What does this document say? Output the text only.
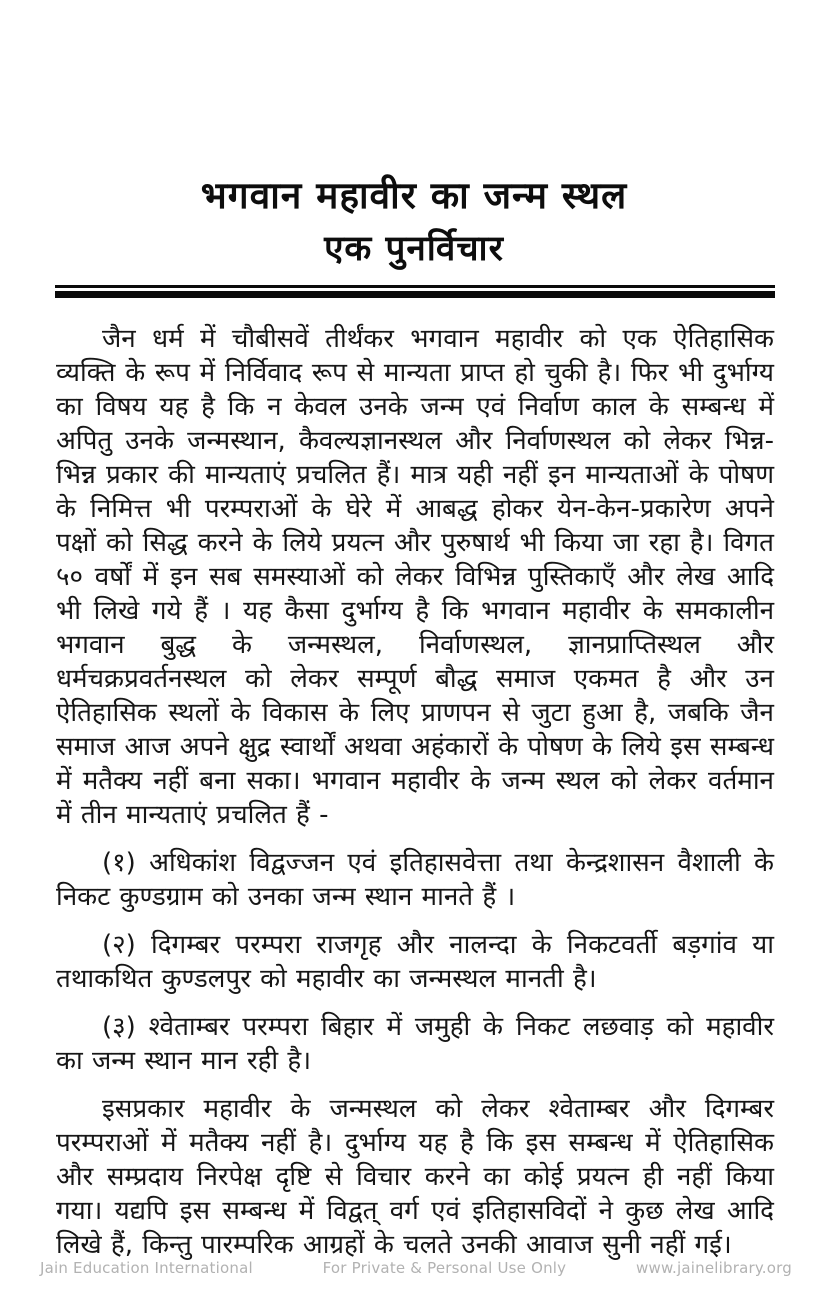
भगवान महावीर का जन्म स्थल
एक पुनर्विचार

जैन धर्म में चौबीसवें तीर्थंकर भगवान महावीर को एक ऐतिहासिक व्यक्ति के रूप में निर्विवाद रूप से मान्यता प्राप्त हो चुकी है। फिर भी दुर्भाग्य का विषय यह है कि न केवल उनके जन्म एवं निर्वाण काल के सम्बन्ध में अपितु उनके जन्मस्थान, कैवल्यज्ञानस्थल और निर्वाणस्थल को लेकर भिन्न-भिन्न प्रकार की मान्यताएं प्रचलित हैं। मात्र यही नहीं इन मान्यताओं के पोषण के निमित्त भी परम्पराओं के घेरे में आबद्ध होकर येन-केन-प्रकारेण अपने पक्षों को सिद्ध करने के लिये प्रयत्न और पुरुषार्थ भी किया जा रहा है। विगत ५० वर्षों में इन सब समस्याओं को लेकर विभिन्न पुस्तिकाएँ और लेख आदि भी लिखे गये हैं । यह कैसा दुर्भाग्य है कि भगवान महावीर के समकालीन भगवान बुद्ध के जन्मस्थल, निर्वाणस्थल, ज्ञानप्राप्तिस्थल और धर्मचक्रप्रवर्तनस्थल को लेकर सम्पूर्ण बौद्ध समाज एकमत है और उन ऐतिहासिक स्थलों के विकास के लिए प्राणपन से जुटा हुआ है, जबकि जैन समाज आज अपने क्षुद्र स्वार्थों अथवा अहंकारों के पोषण के लिये इस सम्बन्ध में मतैक्य नहीं बना सका। भगवान महावीर के जन्म स्थल को लेकर वर्तमान में तीन मान्यताएं प्रचलित हैं -

(१) अधिकांश विद्वज्जन एवं इतिहासवेत्ता तथा केन्द्रशासन वैशाली के निकट कुण्डग्राम को उनका जन्म स्थान मानते हैं ।

(२) दिगम्बर परम्परा राजगृह और नालन्दा के निकटवर्ती बड़गांव या तथाकथित कुण्डलपुर को महावीर का जन्मस्थल मानती है।

(३) श्वेताम्बर परम्परा बिहार में जमुही के निकट लछवाड़ को महावीर का जन्म स्थान मान रही है।

इसप्रकार महावीर के जन्मस्थल को लेकर श्वेताम्बर और दिगम्बर परम्पराओं में मतैक्य नहीं है। दुर्भाग्य यह है कि इस सम्बन्ध में ऐतिहासिक और सम्प्रदाय निरपेक्ष दृष्टि से विचार करने का कोई प्रयत्न ही नहीं किया गया। यद्यपि इस सम्बन्ध में विद्वत् वर्ग एवं इतिहासविदों ने कुछ लेख आदि लिखे हैं, किन्तु पारम्परिक आग्रहों के चलते उनकी आवाज सुनी नहीं गई।

Jain Education International	For Private & Personal Use Only	www.jainelibrary.org
